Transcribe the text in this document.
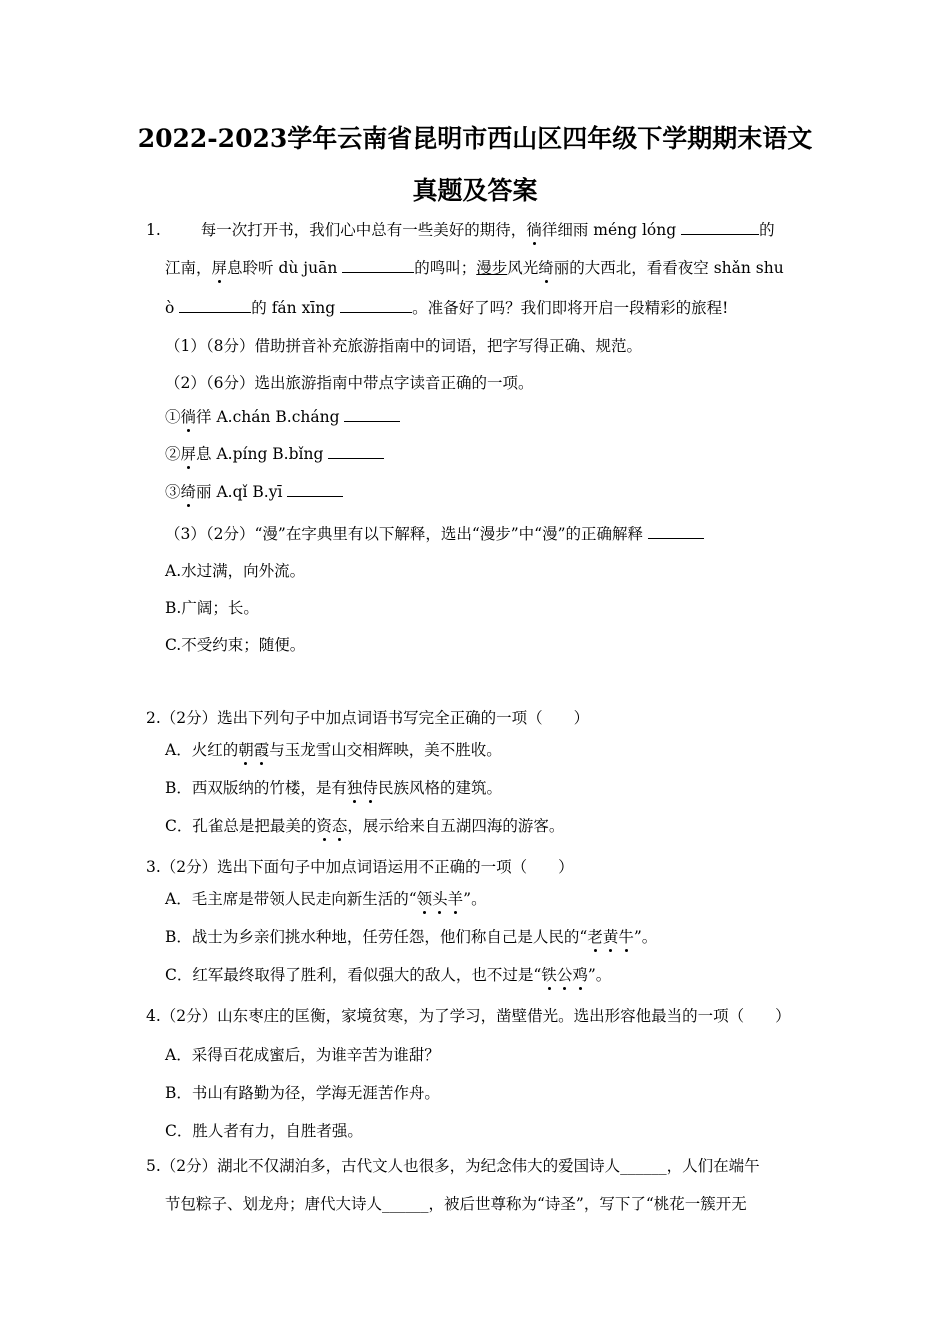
2022-2023学年云南省昆明市西山区四年级下学期期末语文
真题及答案
1.	每一次打开书，我们心中总有一些美好的期待，徜徉细雨 méng lóng	的
江南，屏息聆听 dù juān	的鸣叫；漫步风光绮丽的大西北，看看夜空 shǎn shu
ò	的 fán xīng	。准备好了吗？我们即将开启一段精彩的旅程!
（1）（8分）借助拼音补充旅游指南中的词语，把字写得正确、规范。
（2）（6分）选出旅游指南中带点字读音正确的一项。
①徜徉 A.chán B.cháng
②屏息 A.píng B.bǐng
③绮丽 A.qǐ B.yī
（3）（2分）“漫”在字典里有以下解释，选出“漫步”中“漫”的正确解释
A.水过满，向外流。
B.广阔；长。
C.不受约束；随便。
2.（2分）选出下列句子中加点词语书写完全正确的一项（　　）
A．火红的朝霞与玉龙雪山交相辉映，美不胜收。
B．西双版纳的竹楼，是有独侍民族风格的建筑。
C．孔雀总是把最美的资态，展示给来自五湖四海的游客。
3.（2分）选出下面句子中加点词语运用不正确的一项（　　）
A．毛主席是带领人民走向新生活的“领头羊”。
B．战士为乡亲们挑水种地，任劳任怨，他们称自己是人民的“老黄牛”。
C．红军最终取得了胜利，看似强大的敌人，也不过是“铁公鸡”。
4.（2分）山东枣庄的匡衡，家境贫寒，为了学习，凿壁借光。选出形容他最当的一项（　　）
A．采得百花成蜜后，为谁辛苦为谁甜？
B．书山有路勤为径，学海无涯苦作舟。
C．胜人者有力，自胜者强。
5.（2分）湖北不仅湖泊多，古代文人也很多，为纪念伟大的爱国诗人______，人们在端午
节包粽子、划龙舟；唐代大诗人______，被后世尊称为“诗圣”，写下了“桃花一簇开无
